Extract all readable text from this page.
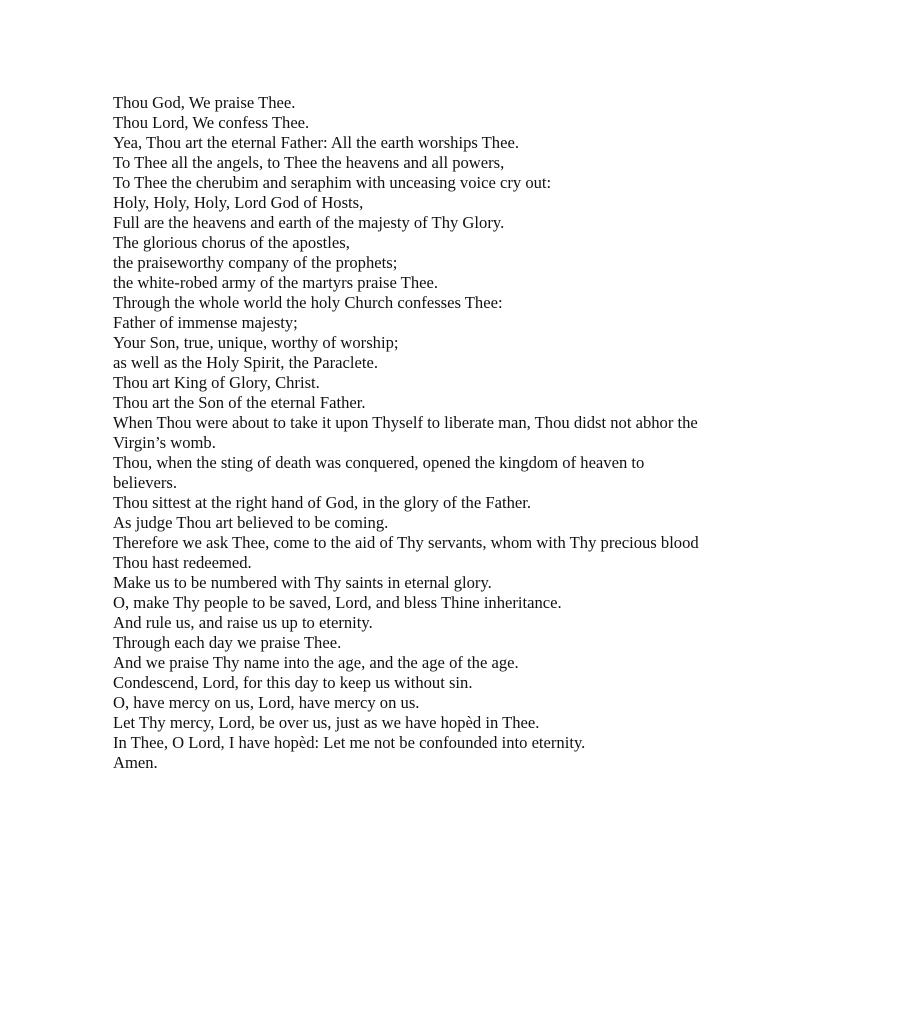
Thou God, We praise Thee.
Thou Lord, We confess Thee.
Yea, Thou art the eternal Father: All the earth worships Thee.
To Thee all the angels, to Thee the heavens and all powers,
To Thee the cherubim and seraphim with unceasing voice cry out:
Holy, Holy, Holy, Lord God of Hosts,
Full are the heavens and earth of the majesty of Thy Glory.
The glorious chorus of the apostles,
the praiseworthy company of the prophets;
the white-robed army of the martyrs praise Thee.
Through the whole world the holy Church confesses Thee:
Father of immense majesty;
Your Son, true, unique, worthy of worship;
as well as the Holy Spirit, the Paraclete.
Thou art King of Glory, Christ.
Thou art the Son of the eternal Father.
When Thou were about to take it upon Thyself to liberate man, Thou didst not abhor the
Virgin’s womb.
Thou, when the sting of death was conquered, opened the kingdom of heaven to
believers.
Thou sittest at the right hand of God, in the glory of the Father.
As judge Thou art believed to be coming.
Therefore we ask Thee, come to the aid of Thy servants, whom with Thy precious blood
Thou hast redeemed.
Make us to be numbered with Thy saints in eternal glory.
O, make Thy people to be saved, Lord, and bless Thine inheritance.
And rule us, and raise us up to eternity.
Through each day we praise Thee.
And we praise Thy name into the age, and the age of the age.
Condescend, Lord, for this day to keep us without sin.
O, have mercy on us, Lord, have mercy on us.
Let Thy mercy, Lord, be over us, just as we have hopèd in Thee.
In Thee, O Lord, I have hopèd: Let me not be confounded into eternity.
Amen.
